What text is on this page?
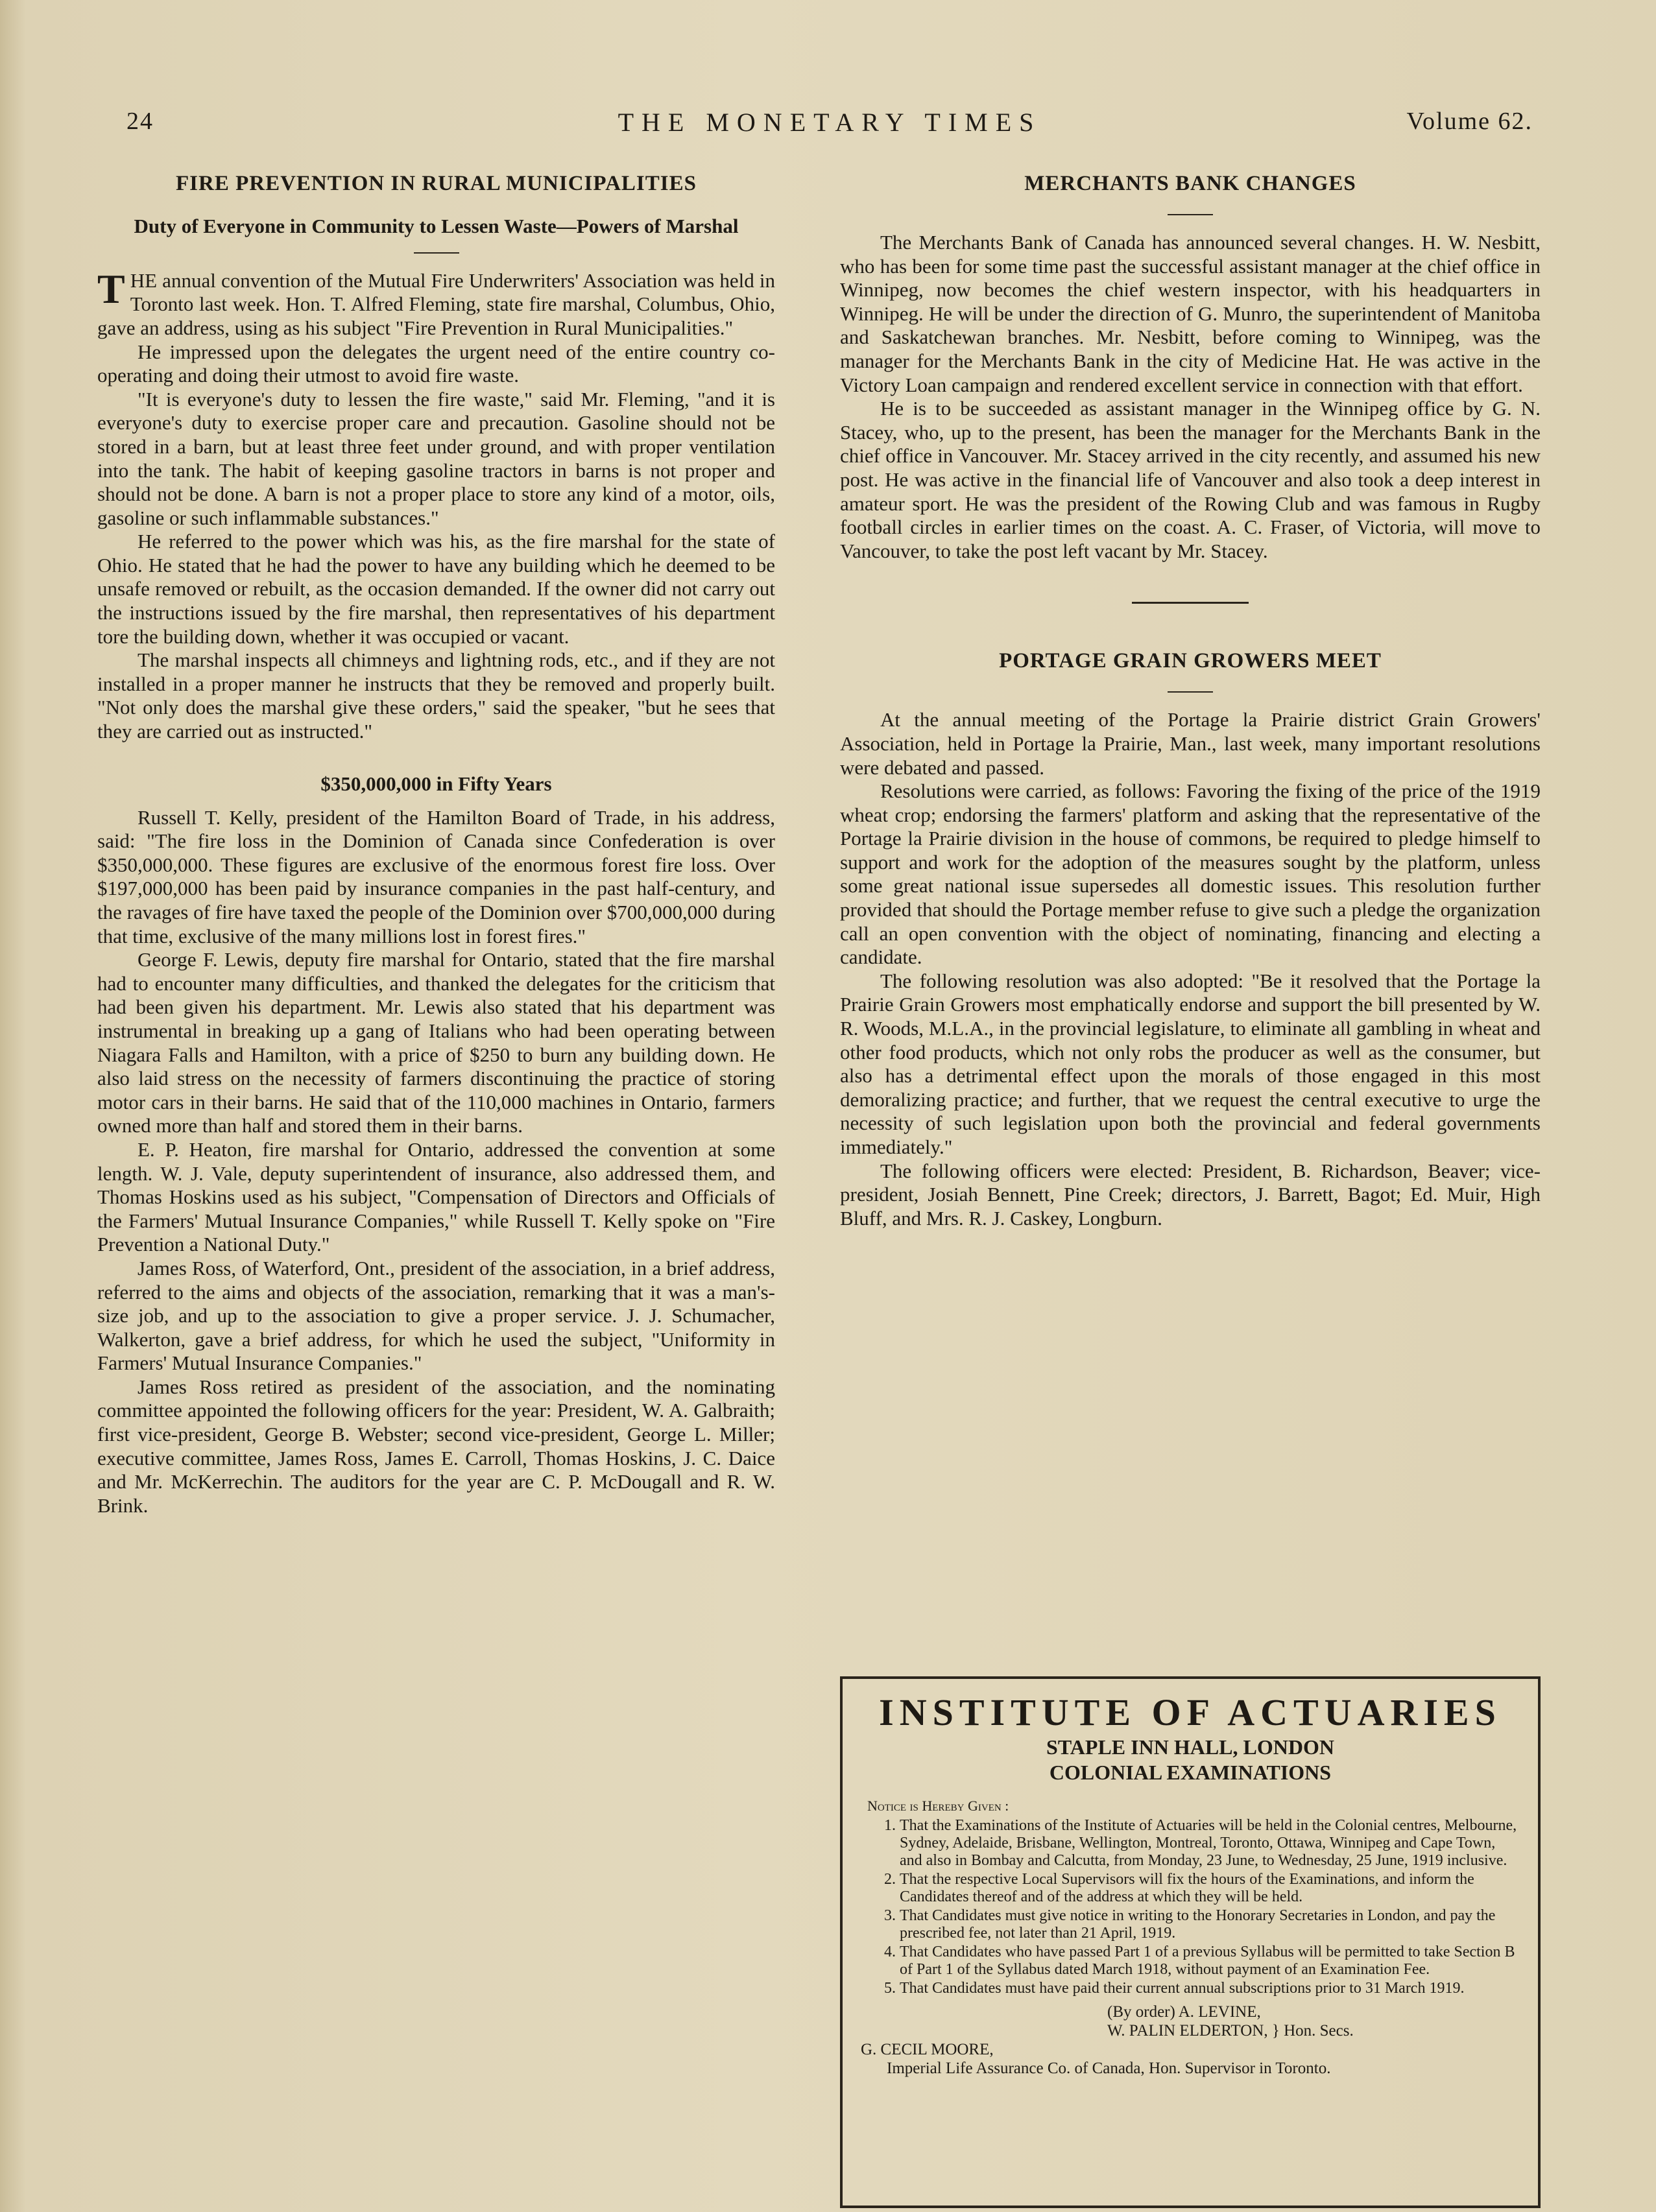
24	THE MONETARY TIMES	Volume 62.
FIRE PREVENTION IN RURAL MUNICIPALITIES
Duty of Everyone in Community to Lessen Waste—Powers of Marshal

THE annual convention of the Mutual Fire Underwriters' Association was held in Toronto last week. Hon. T. Alfred Fleming, state fire marshal, Columbus, Ohio, gave an address, using as his subject "Fire Prevention in Rural Municipalities."

He impressed upon the delegates the urgent need of the entire country co-operating and doing their utmost to avoid fire waste.

"It is everyone's duty to lessen the fire waste," said Mr. Fleming, "and it is everyone's duty to exercise proper care and precaution. Gasoline should not be stored in a barn, but at least three feet under ground, and with proper ventilation into the tank. The habit of keeping gasoline tractors in barns is not proper and should not be done. A barn is not a proper place to store any kind of a motor, oils, gasoline or such inflammable substances."

He referred to the power which was his, as the fire marshal for the state of Ohio. He stated that he had the power to have any building which he deemed to be unsafe removed or rebuilt, as the occasion demanded. If the owner did not carry out the instructions issued by the fire marshal, then representatives of his department tore the building down, whether it was occupied or vacant.

The marshal inspects all chimneys and lightning rods, etc., and if they are not installed in a proper manner he instructs that they be removed and properly built. "Not only does the marshal give these orders," said the speaker, "but he sees that they are carried out as instructed."

$350,000,000 in Fifty Years

Russell T. Kelly, president of the Hamilton Board of Trade, in his address, said: "The fire loss in the Dominion of Canada since Confederation is over $350,000,000. These figures are exclusive of the enormous forest fire loss. Over $197,000,000 has been paid by insurance companies in the past half-century, and the ravages of fire have taxed the people of the Dominion over $700,000,000 during that time, exclusive of the many millions lost in forest fires."

George F. Lewis, deputy fire marshal for Ontario, stated that the fire marshal had to encounter many difficulties, and thanked the delegates for the criticism that had been given his department. Mr. Lewis also stated that his department was instrumental in breaking up a gang of Italians who had been operating between Niagara Falls and Hamilton, with a price of $250 to burn any building down. He also laid stress on the necessity of farmers discontinuing the practice of storing motor cars in their barns. He said that of the 110,000 machines in Ontario, farmers owned more than half and stored them in their barns.

E. P. Heaton, fire marshal for Ontario, addressed the convention at some length. W. J. Vale, deputy superintendent of insurance, also addressed them, and Thomas Hoskins used as his subject, "Compensation of Directors and Officials of the Farmers' Mutual Insurance Companies," while Russell T. Kelly spoke on "Fire Prevention a National Duty."

James Ross, of Waterford, Ont., president of the association, in a brief address, referred to the aims and objects of the association, remarking that it was a man's-size job, and up to the association to give a proper service. J. J. Schumacher, Walkerton, gave a brief address, for which he used the subject, "Uniformity in Farmers' Mutual Insurance Companies."

James Ross retired as president of the association, and the nominating committee appointed the following officers for the year: President, W. A. Galbraith; first vice-president, George B. Webster; second vice-president, George L. Miller; executive committee, James Ross, James E. Carroll, Thomas Hoskins, J. C. Daice and Mr. McKerrechin. The auditors for the year are C. P. McDougall and R. W. Brink.

MERCHANTS BANK CHANGES

The Merchants Bank of Canada has announced several changes. H. W. Nesbitt, who has been for some time past the successful assistant manager at the chief office in Winnipeg, now becomes the chief western inspector, with his headquarters in Winnipeg. He will be under the direction of G. Munro, the superintendent of Manitoba and Saskatchewan branches. Mr. Nesbitt, before coming to Winnipeg, was the manager for the Merchants Bank in the city of Medicine Hat. He was active in the Victory Loan campaign and rendered excellent service in connection with that effort.

He is to be succeeded as assistant manager in the Winnipeg office by G. N. Stacey, who, up to the present, has been the manager for the Merchants Bank in the chief office in Vancouver. Mr. Stacey arrived in the city recently, and assumed his new post. He was active in the financial life of Vancouver and also took a deep interest in amateur sport. He was the president of the Rowing Club and was famous in Rugby football circles in earlier times on the coast. A. C. Fraser, of Victoria, will move to Vancouver, to take the post left vacant by Mr. Stacey.

PORTAGE GRAIN GROWERS MEET

At the annual meeting of the Portage la Prairie district Grain Growers' Association, held in Portage la Prairie, Man., last week, many important resolutions were debated and passed.

Resolutions were carried, as follows: Favoring the fixing of the price of the 1919 wheat crop; endorsing the farmers' platform and asking that the representative of the Portage la Prairie division in the house of commons, be required to pledge himself to support and work for the adoption of the measures sought by the platform, unless some great national issue supersedes all domestic issues. This resolution further provided that should the Portage member refuse to give such a pledge the organization call an open convention with the object of nominating, financing and electing a candidate.

The following resolution was also adopted: "Be it resolved that the Portage la Prairie Grain Growers most emphatically endorse and support the bill presented by W. R. Woods, M.L.A., in the provincial legislature, to eliminate all gambling in wheat and other food products, which not only robs the producer as well as the consumer, but also has a detrimental effect upon the morals of those engaged in this most demoralizing practice; and further, that we request the central executive to urge the necessity of such legislation upon both the provincial and federal governments immediately."

The following officers were elected: President, B. Richardson, Beaver; vice-president, Josiah Bennett, Pine Creek; directors, J. Barrett, Bagot; Ed. Muir, High Bluff, and Mrs. R. J. Caskey, Longburn.

INSTITUTE OF ACTUARIES
STAPLE INN HALL, LONDON
COLONIAL EXAMINATIONS
Notice is Hereby Given :
1. That the Examinations of the Institute of Actuaries will be held in the Colonial centres, Melbourne, Sydney, Adelaide, Brisbane, Wellington, Montreal, Toronto, Ottawa, Winnipeg and Cape Town, and also in Bombay and Calcutta, from Monday, 23 June, to Wednesday, 25 June, 1919 inclusive.
2. That the respective Local Supervisors will fix the hours of the Examinations, and inform the Candidates thereof and of the address at which they will be held.
3. That Candidates must give notice in writing to the Honorary Secretaries in London, and pay the prescribed fee, not later than 21 April, 1919.
4. That Candidates who have passed Part 1 of a previous Syllabus will be permitted to take Section B of Part 1 of the Syllabus dated March 1918, without payment of an Examination Fee.
5. That Candidates must have paid their current annual subscriptions prior to 31 March 1919.
(By order) A. LEVINE,
W. PALIN ELDERTON, } Hon. Secs.
G. CECIL MOORE,
Imperial Life Assurance Co. of Canada, Hon. Supervisor in Toronto.
